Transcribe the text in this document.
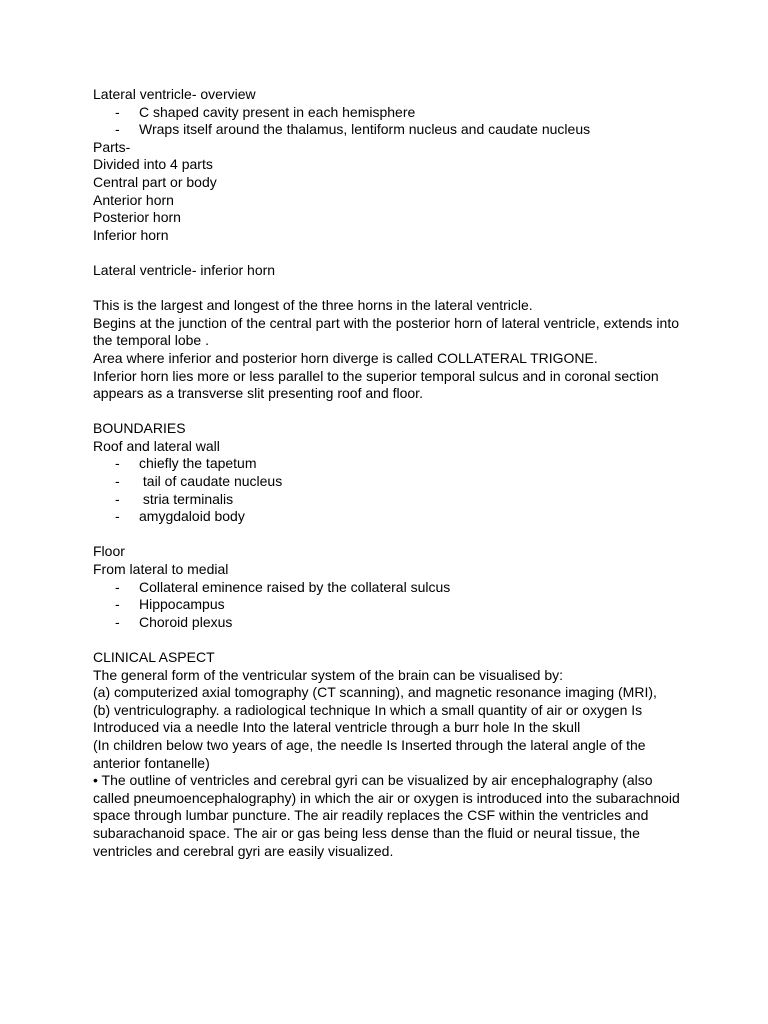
Lateral ventricle- overview

-	C shaped cavity present in each hemisphere
-	Wraps itself around the thalamus, lentiform nucleus and caudate nucleus

Parts-

Divided into 4 parts

Central part or body

Anterior horn

Posterior horn

Inferior horn

Lateral ventricle- inferior horn

This is the largest and longest of the three horns in the lateral ventricle.

Begins at the junction of the central part with the posterior horn of lateral ventricle, extends into the temporal lobe .

Area where inferior and posterior horn diverge is called COLLATERAL TRIGONE.

Inferior horn lies more or less parallel to the superior temporal sulcus and in coronal section appears as a transverse slit presenting roof and floor.

BOUNDARIES

Roof and lateral wall

-	chiefly the tapetum
-	tail of caudate nucleus
-	stria terminalis
-	amygdaloid body

Floor

From lateral to medial

-	Collateral eminence raised by the collateral sulcus
-	Hippocampus
-	Choroid plexus

CLINICAL ASPECT

The general form of the ventricular system of the brain can be visualised by:

(a) computerized axial tomography (CT scanning), and magnetic resonance imaging (MRI),

(b) ventriculography. a radiological technique In which a small quantity of air or oxygen Is Introduced via a needle Into the lateral ventricle through a burr hole In the skull

(In children below two years of age, the needle Is Inserted through the lateral angle of the anterior fontanelle)

• The outline of ventricles and cerebral gyri can be visualized by air encephalography (also called pneumoencephalography) in which the air or oxygen is introduced into the subarachnoid space through lumbar puncture. The air readily replaces the CSF within the ventricles and subarachanoid space. The air or gas being less dense than the fluid or neural tissue, the ventricles and cerebral gyri are easily visualized.
